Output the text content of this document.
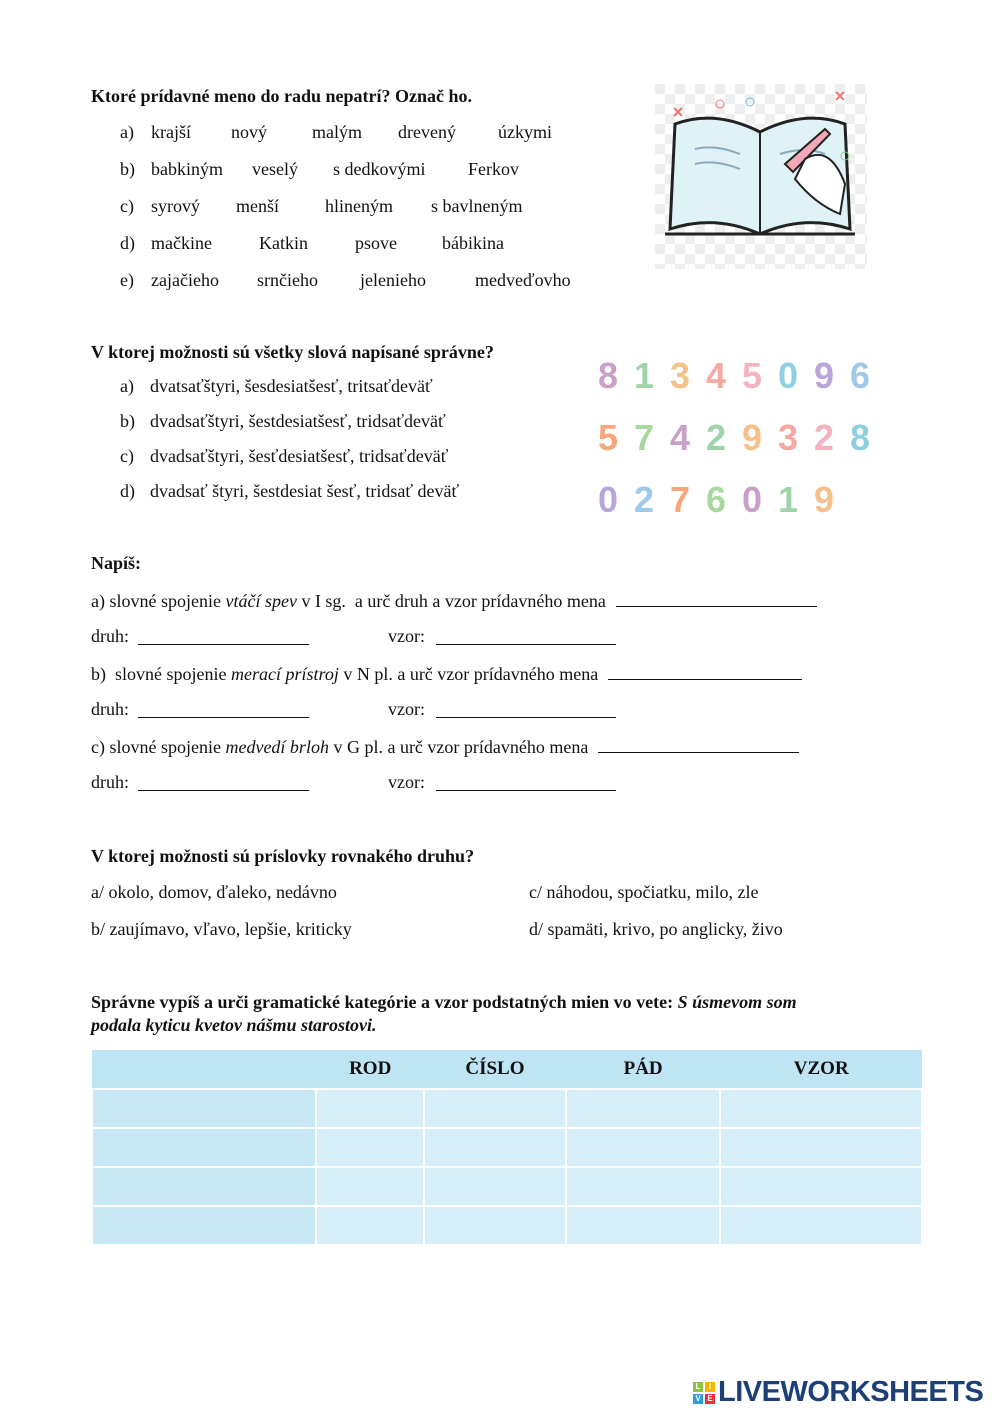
Ktoré prídavné meno do radu nepatrí? Označ ho.
a) krajší nový	malým drevený úzkymi
b) babkiným veselý s dedkovými Ferkov
c) syrový menší	hlineným s bavlneným
d) mačkine	Katkin	psove	bábikina
e) zajačieho srnčieho jelenieho	medveďovho
V ktorej možnosti sú všetky slová napísané správne?
a) dvatsaťštyri, šesdesiatšesť, tritsaťdeväť
b) dvadsaťštyri, šestdesiatšesť, tridsaťdeväť
c) dvadsaťštyri, šesťdesiatšesť, tridsaťdeväť
d) dvadsať štyri, šestdesiat šesť, tridsať deväť
8 1 3 4 5 0 9 6
5 7 4 2 9 3 2 8
0 2 7 6 0 1 9
Napíš:
a) slovné spojenie vtáčí spev v I sg.  a urč druh a vzor prídavného mena
druh:	vzor:
b)  slovné spojenie merací prístroj v N pl. a urč vzor prídavného mena
druh:	vzor:
c) slovné spojenie medvedí brloh v G pl. a urč vzor prídavného mena
druh:	vzor:
V ktorej možnosti sú príslovky rovnakého druhu?
a/ okolo, domov, ďaleko, nedávno	c/ náhodou, spočiatku, milo, zle
b/ zaujímavo, vľavo, lepšie, kriticky	d/ spamäti, krivo, po anglicky, živo
Správne vypíš a urči gramatické kategórie a vzor podstatných mien vo vete: S úsmevom som
podala kyticu kvetov nášmu starostovi.
	ROD	ČÍSLO	PÁD	VZOR

L	I
V E LIVEWORKSHEETS
